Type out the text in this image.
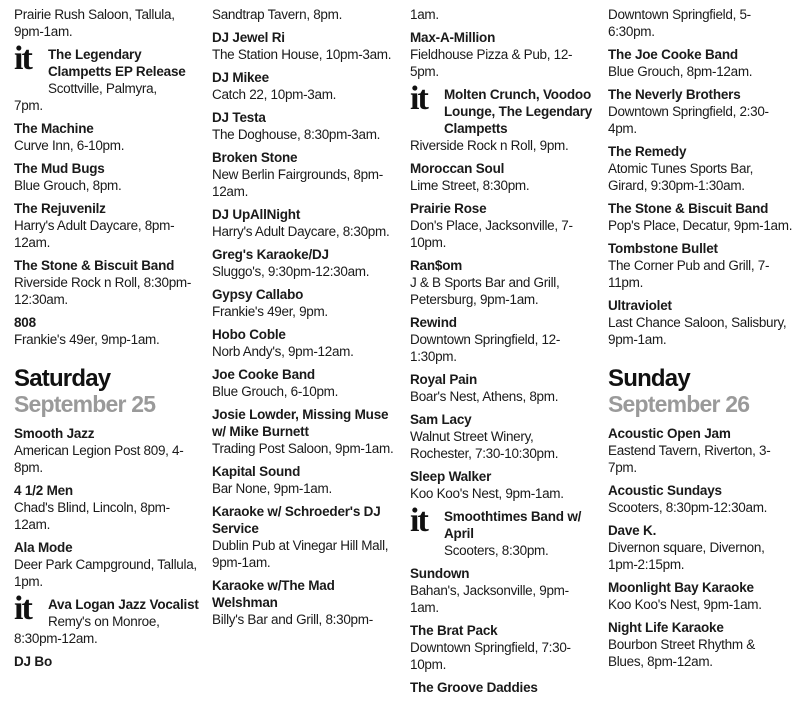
Prairie Rush Saloon, Tallula, 9pm-1am.
it The Legendary Clampetts EP Release
Scottville, Palmyra,
7pm.
The Machine
Curve Inn, 6-10pm.
The Mud Bugs
Blue Grouch, 8pm.
The Rejuvenilz
Harry's Adult Daycare, 8pm-12am.
The Stone & Biscuit Band
Riverside Rock n Roll, 8:30pm-12:30am.
808
Frankie's 49er, 9mp-1am.
Saturday
September 25
Smooth Jazz
American Legion Post 809, 4-8pm.
4 1/2 Men
Chad's Blind, Lincoln, 8pm-12am.
Ala Mode
Deer Park Campground, Tallula, 1pm.
it Ava Logan Jazz Vocalist
Remy's on Monroe,
8:30pm-12am.
DJ Bo
Sandtrap Tavern, 8pm.
DJ Jewel Ri
The Station House, 10pm-3am.
DJ Mikee
Catch 22, 10pm-3am.
DJ Testa
The Doghouse, 8:30pm-3am.
Broken Stone
New Berlin Fairgrounds, 8pm-12am.
DJ UpAllNight
Harry's Adult Daycare, 8:30pm.
Greg's Karaoke/DJ
Sluggo's, 9:30pm-12:30am.
Gypsy Callabo
Frankie's 49er, 9pm.
Hobo Coble
Norb Andy's, 9pm-12am.
Joe Cooke Band
Blue Grouch, 6-10pm.
Josie Lowder, Missing Muse w/ Mike Burnett
Trading Post Saloon, 9pm-1am.
Kapital Sound
Bar None, 9pm-1am.
Karaoke w/ Schroeder's DJ Service
Dublin Pub at Vinegar Hill Mall, 9pm-1am.
Karaoke w/The Mad Welshman
Billy's Bar and Grill, 8:30pm-
1am.
Max-A-Million
Fieldhouse Pizza & Pub, 12-5pm.
it Molten Crunch, Voodoo Lounge, The Legendary Clampetts
Riverside Rock n Roll, 9pm.
Moroccan Soul
Lime Street, 8:30pm.
Prairie Rose
Don's Place, Jacksonville, 7-10pm.
Ran$om
J & B Sports Bar and Grill, Petersburg, 9pm-1am.
Rewind
Downtown Springfield, 12-1:30pm.
Royal Pain
Boar's Nest, Athens, 8pm.
Sam Lacy
Walnut Street Winery, Rochester, 7:30-10:30pm.
Sleep Walker
Koo Koo's Nest, 9pm-1am.
it Smoothtimes Band w/ April
Scooters, 8:30pm.
Sundown
Bahan's, Jacksonville, 9pm-1am.
The Brat Pack
Downtown Springfield, 7:30-10pm.
The Groove Daddies
Downtown Springfield, 5-6:30pm.
The Joe Cooke Band
Blue Grouch, 8pm-12am.
The Neverly Brothers
Downtown Springfield, 2:30-4pm.
The Remedy
Atomic Tunes Sports Bar, Girard, 9:30pm-1:30am.
The Stone & Biscuit Band
Pop's Place, Decatur, 9pm-1am.
Tombstone Bullet
The Corner Pub and Grill, 7-11pm.
Ultraviolet
Last Chance Saloon, Salisbury, 9pm-1am.
Sunday
September 26
Acoustic Open Jam
Eastend Tavern, Riverton, 3-7pm.
Acoustic Sundays
Scooters, 8:30pm-12:30am.
Dave K.
Divernon square, Divernon, 1pm-2:15pm.
Moonlight Bay Karaoke
Koo Koo's Nest, 9pm-1am.
Night Life Karaoke
Bourbon Street Rhythm & Blues, 8pm-12am.
